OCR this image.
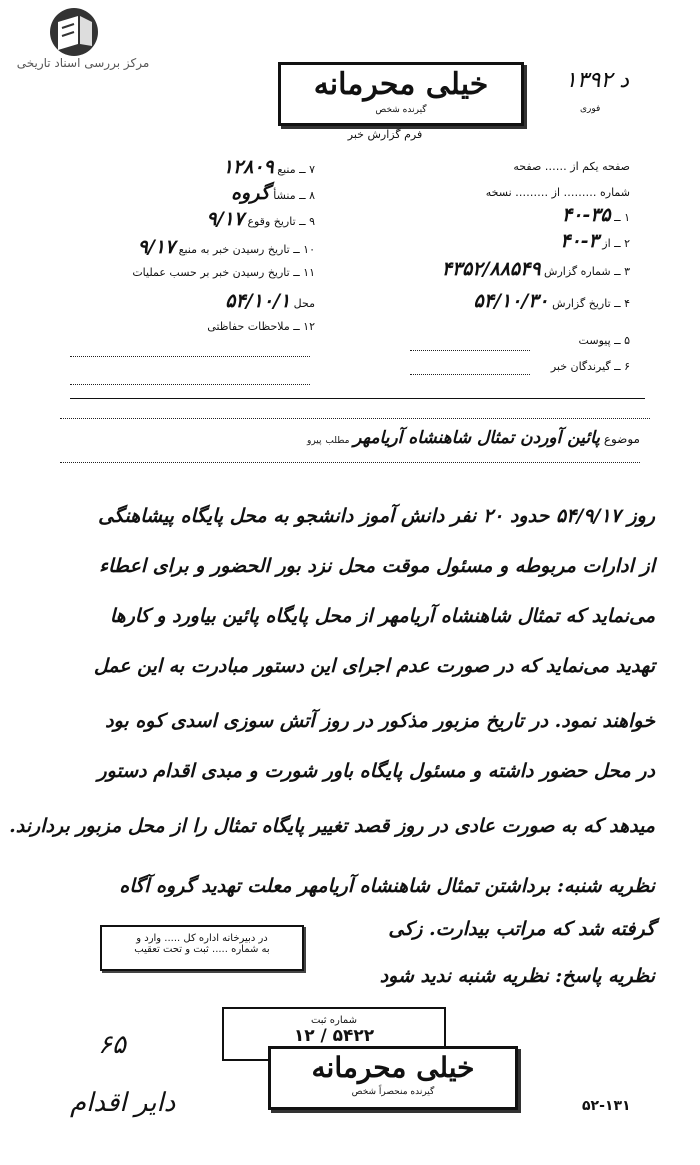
مرکز بررسی اسناد تاریخی
د ۱۳۹۲
فوری
خیلی محرمانه
گیرنده شخص
فرم گزارش خبر
صفحه یکم از …… صفحه
شماره ……… از ……… نسخه
۱ ــ ۳۵-۴۰
۲ ــ از ۳-۴۰
۳ ــ شماره گزارش ۴۳۵۲/۸۸۵۴۹
۴ ــ تاریخ گزارش ۵۴/۱۰/۳۰
۵ ــ پیوست
۶ ــ گیرندگان خبر
۷ ــ منبع ۱۲۸۰۹
۸ ــ منشأ گروه
۹ ــ تاریخ وقوع ۹/۱۷
۱۰ ــ تاریخ رسیدن خبر به منبع ۹/۱۷
۱۱ ــ تاریخ رسیدن خبر بر حسب عملیات
محل ۵۴/۱۰/۱
۱۲ ــ ملاحظات حفاظتی
موضوع پائین آوردن تمثال شاهنشاه آریامهر مطلب پیرو
روز ۵۴/۹/۱۷ حدود ۲۰ نفر دانش آموز دانشجو به محل پایگاه پیشاهنگی
از ادارات مربوطه و مسئول موقت محل نزد بور الحضور و برای اعطاء
می‌نماید که تمثال شاهنشاه آریامهر از محل پایگاه پائین بیاورد و کارها
تهدید می‌نماید که در صورت عدم اجرای این دستور مبادرت به این عمل
خواهند نمود. در تاریخ مزبور مذکور در روز آتش سوزی اسدی کوه بود
در محل حضور داشته و مسئول پایگاه باور شورت و مبدی اقدام دستور
میدهد که به صورت عادی در روز قصد تغییر پایگاه تمثال را از محل مزبور بردارند.
نظریه شنبه: برداشتن تمثال شاهنشاه آریامهر معلت تهدید گروه آگاه
گرفته شد که مراتب بیدارت. زکی
نظریه پاسخ: نظریه شنبه ندید شود
در دبیرخانه اداره کل ..... وارد و
به شماره ..... ثبت و تحت تعقیب
شماره ثبت
۵۴۲۲ / ۱۲
خیلی محرمانه
گیرنده منحصراً شخص
۶۵
دایر اقدام	۵۲-۱۳۱
